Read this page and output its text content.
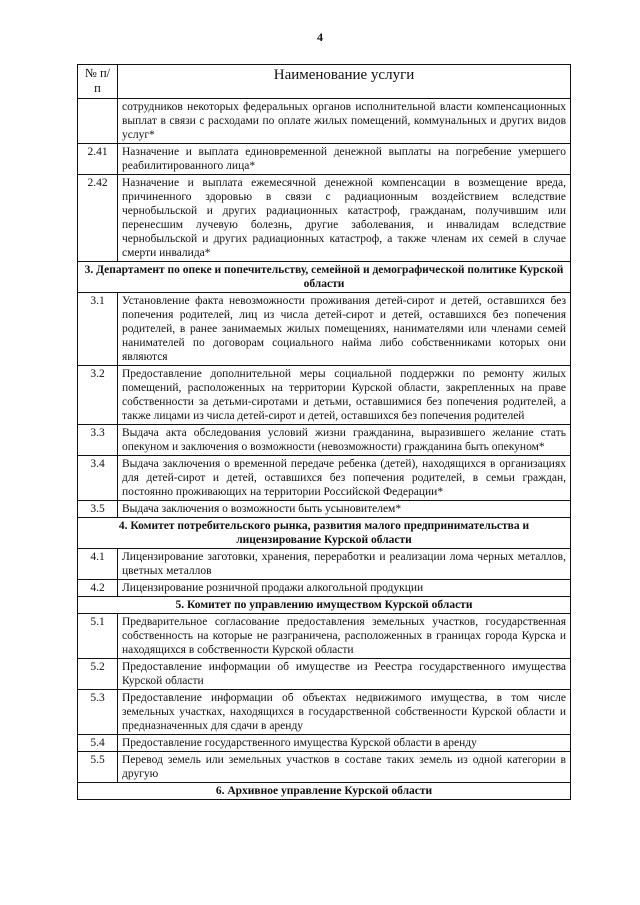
4
№ п/п	Наименование услуги
	сотрудников некоторых федеральных органов исполнительной власти компенсационных выплат в связи с расходами по оплате жилых помещений, коммунальных и других видов услуг*
2.41	Назначение и выплата единовременной денежной выплаты на погребение умершего реабилитированного лица*
2.42	Назначение и выплата ежемесячной денежной компенсации в возмещение вреда, причиненного здоровью в связи с радиационным воздействием вследствие чернобыльской и других радиационных катастроф, гражданам, получившим или перенесшим лучевую болезнь, другие заболевания, и инвалидам вследствие чернобыльской и других радиационных катастроф, а также членам их семей в случае смерти инвалида*
3. Департамент по опеке и попечительству, семейной и демографической политике Курской области	
3.1	Установление факта невозможности проживания детей-сирот и детей, оставшихся без попечения родителей, лиц из числа детей-сирот и детей, оставшихся без попечения родителей, в ранее занимаемых жилых помещениях, нанимателями или членами семей нанимателей по договорам социального найма либо собственниками которых они являются
3.2	Предоставление дополнительной меры социальной поддержки по ремонту жилых помещений, расположенных на территории Курской области, закрепленных на праве собственности за детьми-сиротами и детьми, оставшимися без попечения родителей, а также лицами из числа детей-сирот и детей, оставшихся без попечения родителей
3.3	Выдача акта обследования условий жизни гражданина, выразившего желание стать опекуном и заключения о возможности (невозможности) гражданина быть опекуном*
3.4	Выдача заключения о временной передаче ребенка (детей), находящихся в организациях для детей-сирот и детей, оставшихся без попечения родителей, в семьи граждан, постоянно проживающих на территории Российской Федерации*
3.5	Выдача заключения о возможности быть усыновителем*
4. Комитет потребительского рынка, развития малого предпринимательства и лицензирование Курской области	
4.1	Лицензирование заготовки, хранения, переработки и реализации лома черных металлов, цветных металлов
4.2	Лицензирование розничной продажи алкогольной продукции
5. Комитет по управлению имуществом Курской области	
5.1	Предварительное согласование предоставления земельных участков, государственная собственность на которые не разграничена, расположенных в границах города Курска и находящихся в собственности Курской области
5.2	Предоставление информации об имуществе из Реестра государственного имущества Курской области
5.3	Предоставление информации об объектах недвижимого имущества, в том числе земельных участках, находящихся в государственной собственности Курской области и предназначенных для сдачи в аренду
5.4	Предоставление государственного имущества Курской области в аренду
5.5	Перевод земель или земельных участков в составе таких земель из одной категории в другую
6. Архивное управление Курской области	
